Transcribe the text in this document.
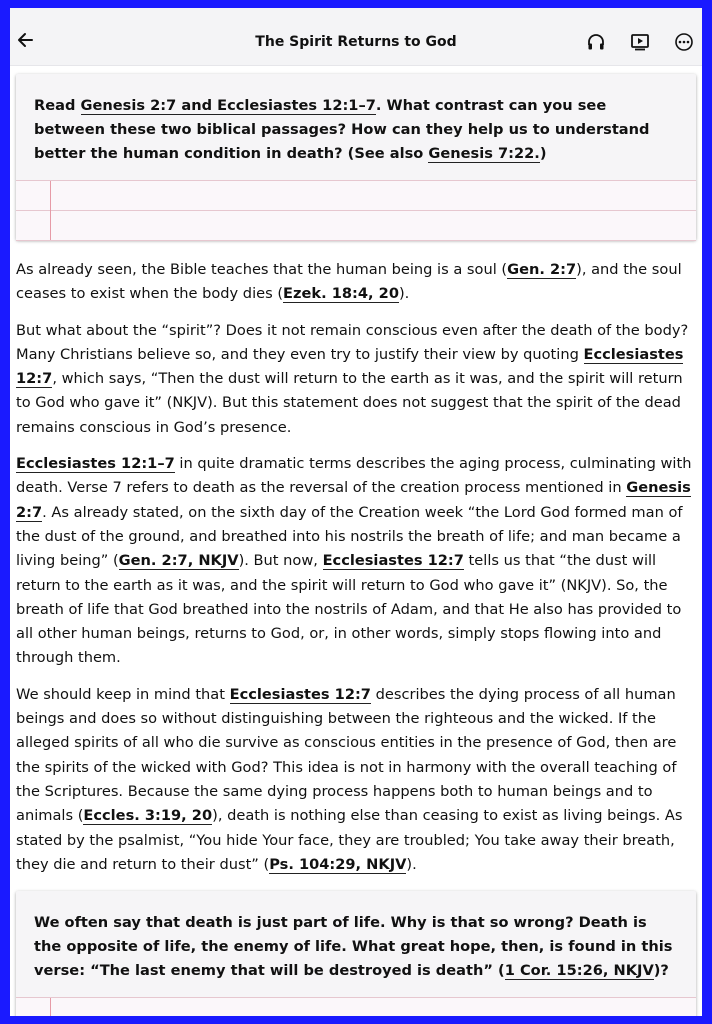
The Spirit Returns to God
Read Genesis 2:7 and Ecclesiastes 12:1–7. What contrast can you see between these two biblical passages? How can they help us to understand better the human condition in death? (See also Genesis 7:22.)

As already seen, the Bible teaches that the human being is a soul (Gen. 2:7), and the soul ceases to exist when the body dies (Ezek. 18:4, 20).

But what about the “spirit”? Does it not remain conscious even after the death of the body? Many Christians believe so, and they even try to justify their view by quoting Ecclesiastes 12:7, which says, “Then the dust will return to the earth as it was, and the spirit will return to God who gave it” (NKJV). But this statement does not suggest that the spirit of the dead remains conscious in God’s presence.

Ecclesiastes 12:1–7 in quite dramatic terms describes the aging process, culminating with death. Verse 7 refers to death as the reversal of the creation process mentioned in Genesis 2:7. As already stated, on the sixth day of the Creation week “the Lord God formed man of the dust of the ground, and breathed into his nostrils the breath of life; and man became a living being” (Gen. 2:7, NKJV). But now, Ecclesiastes 12:7 tells us that “the dust will return to the earth as it was, and the spirit will return to God who gave it” (NKJV). So, the breath of life that God breathed into the nostrils of Adam, and that He also has provided to all other human beings, returns to God, or, in other words, simply stops flowing into and through them.

We should keep in mind that Ecclesiastes 12:7 describes the dying process of all human beings and does so without distinguishing between the righteous and the wicked. If the alleged spirits of all who die survive as conscious entities in the presence of God, then are the spirits of the wicked with God? This idea is not in harmony with the overall teaching of the Scriptures. Because the same dying process happens both to human beings and to animals (Eccles. 3:19, 20), death is nothing else than ceasing to exist as living beings. As stated by the psalmist, “You hide Your face, they are troubled; You take away their breath, they die and return to their dust” (Ps. 104:29, NKJV).

We often say that death is just part of life. Why is that so wrong? Death is the opposite of life, the enemy of life. What great hope, then, is found in this verse: “The last enemy that will be destroyed is death” (1 Cor. 15:26, NKJV)?
